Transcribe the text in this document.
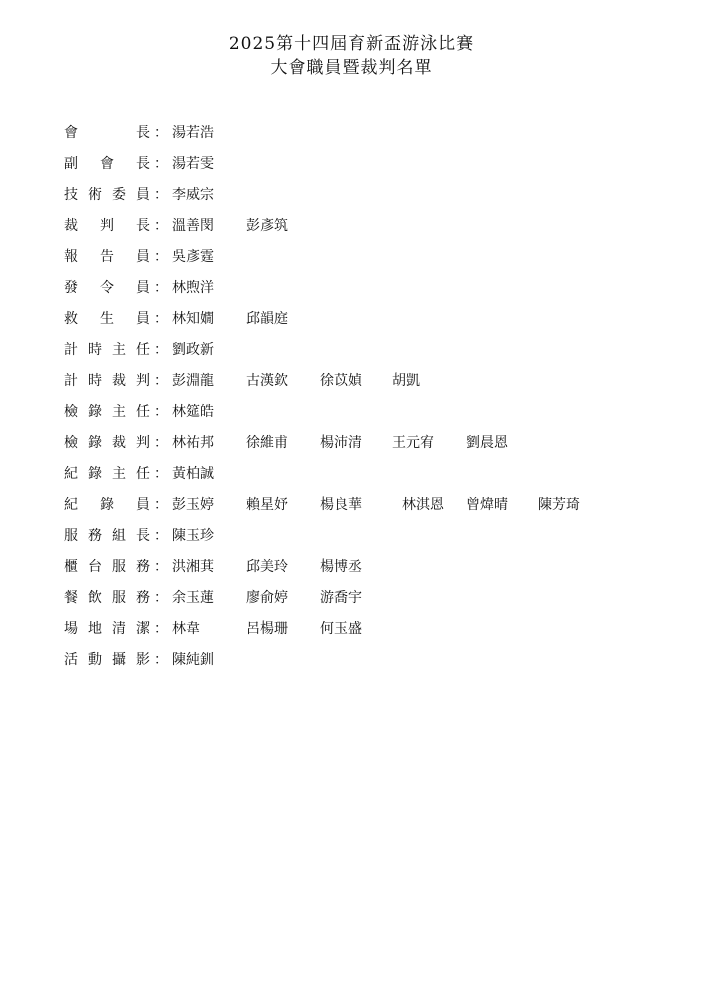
2025第十四屆育新盃游泳比賽
大會職員暨裁判名單
會	長 ： 湯若浩
副 會 長 ： 湯若雯
技 術 委 員 ： 李威宗
裁 判 長 ： 溫善閔 彭彥筑
報 告 員 ： 吳彥霆
發 令 員 ： 林煦洋
救 生 員 ： 林知嫺 邱韻庭
計 時 主 任 ： 劉政新
計 時 裁 判 ： 彭淵龍 古漢欽 徐苡媜 胡凱
檢 錄 主 任 ： 林筵皓
檢 錄 裁 判 ： 林祐邦 徐維甫 楊沛清 王元宥 劉晨恩
紀 錄 主 任 ： 黃柏誠
紀 錄 員 ： 彭玉婷 賴星妤 楊良華	林淇恩 曾煒晴 陳芳琦
服 務 組 長 ： 陳玉珍
櫃 台 服 務 ： 洪湘萁 邱美玲 楊博丞
餐 飲 服 務 ： 余玉蓮 廖俞婷 游喬宇
場 地 清 潔 ： 林韋	呂楊珊 何玉盛
活 動 攝 影 ： 陳純釧
